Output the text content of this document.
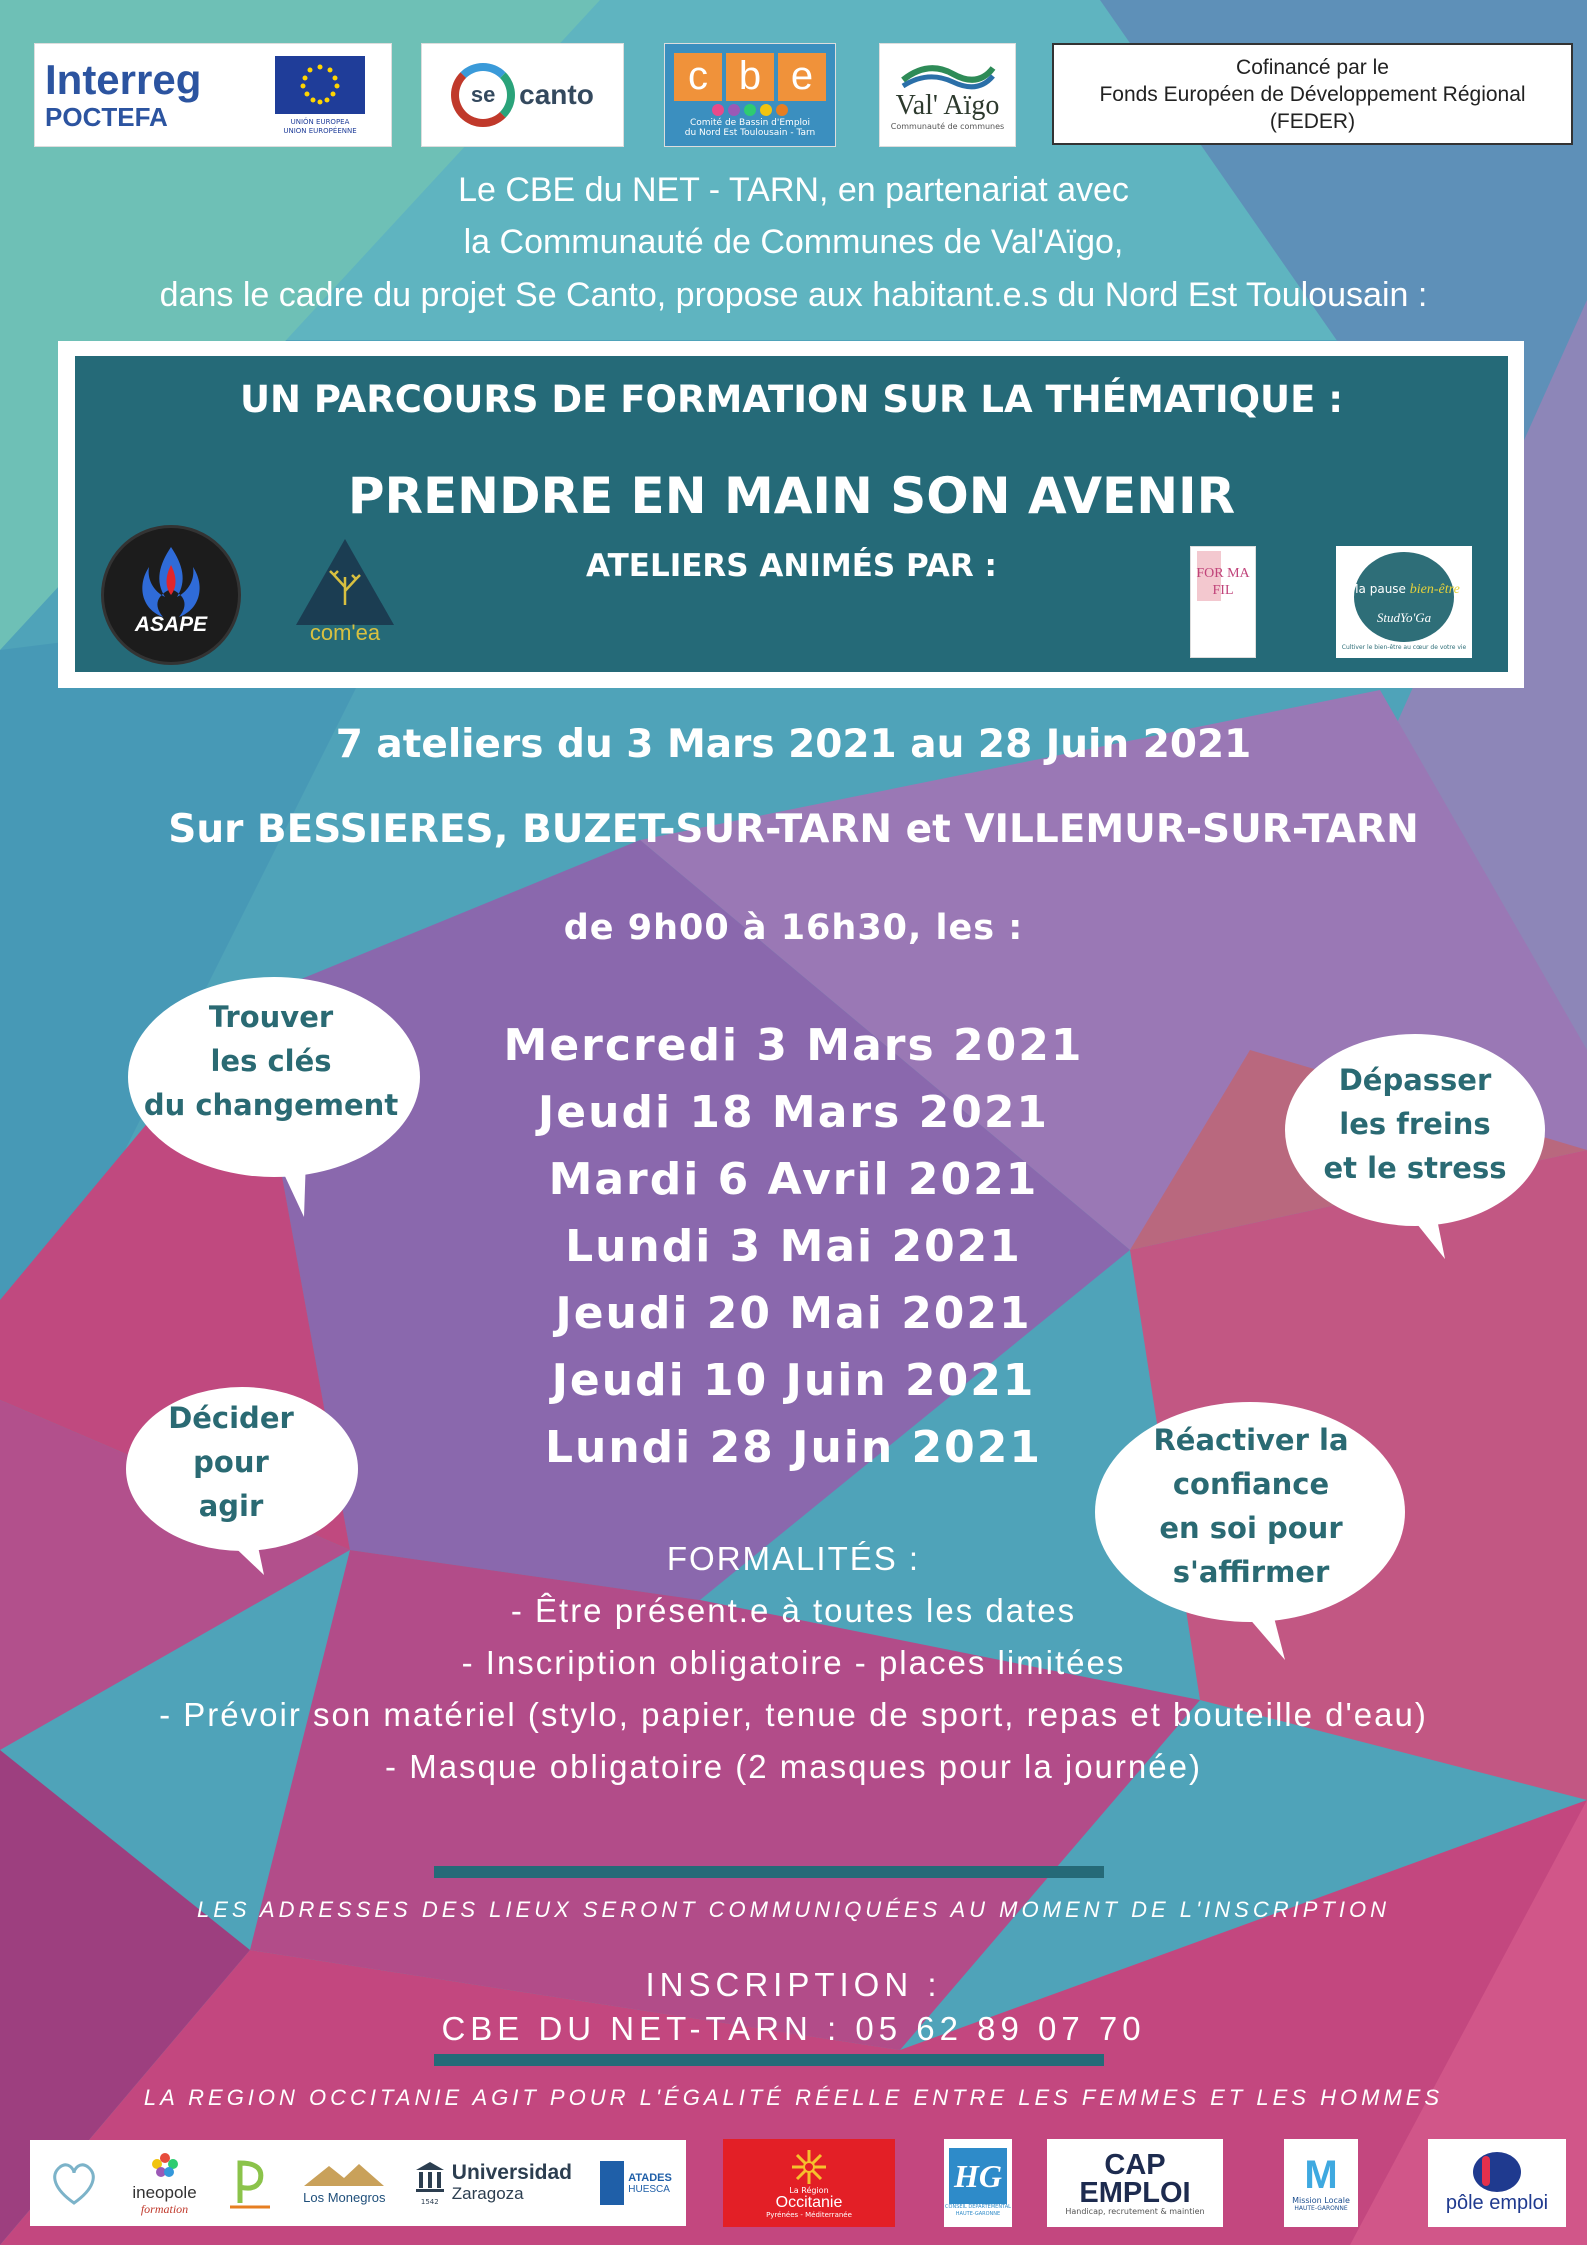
Interreg
POCTEFA	UNIÓN EUROPEA
UNION EUROPÉENNE
se canto	c b e
Comité de Bassin d'Emploi
du Nord Est Toulousain - Tarn
Val' Aïgo
Communauté de communes
Cofinancé par le
Fonds Européen de Développement Régional
(FEDER)
Le CBE du NET - TARN, en partenariat avec
la Communauté de Communes de Val'Aïgo,
dans le cadre du projet Se Canto, propose aux habitant.e.s du Nord Est Toulousain :
UN PARCOURS DE FORMATION SUR LA THÉMATIQUE :
PRENDRE EN MAIN SON AVENIR
ATELIERS ANIMÉS PAR :
ASAPE	com'ea
FOR MA FIL	Ma pause bien-être
StudYo'Ga
Cultiver le bien-être au cœur de votre vie
7 ateliers du 3 Mars 2021 au 28 Juin 2021
Sur BESSIERES, BUZET-SUR-TARN et VILLEMUR-SUR-TARN
de 9h00 à 16h30, les :
Mercredi 3 Mars 2021
Jeudi 18 Mars 2021
Mardi 6 Avril 2021
Lundi 3 Mai 2021
Jeudi 20 Mai 2021
Jeudi 10 Juin 2021
Lundi 28 Juin 2021
Trouver
les clés
du changement
Dépasser
les freins
et le stress
Décider
pour
agir
Réactiver la
confiance
en soi pour
s'affirmer
FORMALITÉS :
- Être présent.e à toutes les dates
- Inscription obligatoire - places limitées
- Prévoir son matériel (stylo, papier, tenue de sport, repas et bouteille d'eau)
- Masque obligatoire (2 masques pour la journée)
LES ADRESSES DES LIEUX SERONT COMMUNIQUÉES AU MOMENT DE L'INSCRIPTION
INSCRIPTION :
CBE DU NET-TARN : 05 62 89 07 70
LA REGION OCCITANIE AGIT POUR L'ÉGALITÉ RÉELLE ENTRE LES FEMMES ET LES HOMMES
ineopole
formation
Los Monegros	1542
Universidad
Zaragoza
ATADES
HUESCA	La Région
Occitanie
Pyrénées - Méditerranée
HG
CONSEIL DÉPARTEMENTAL HAUTE-GARONNE
CAP
EMPLOI
Handicap, recrutement & maintien
M
Mission Locale
HAUTE-GARONNE	pôle emploi
